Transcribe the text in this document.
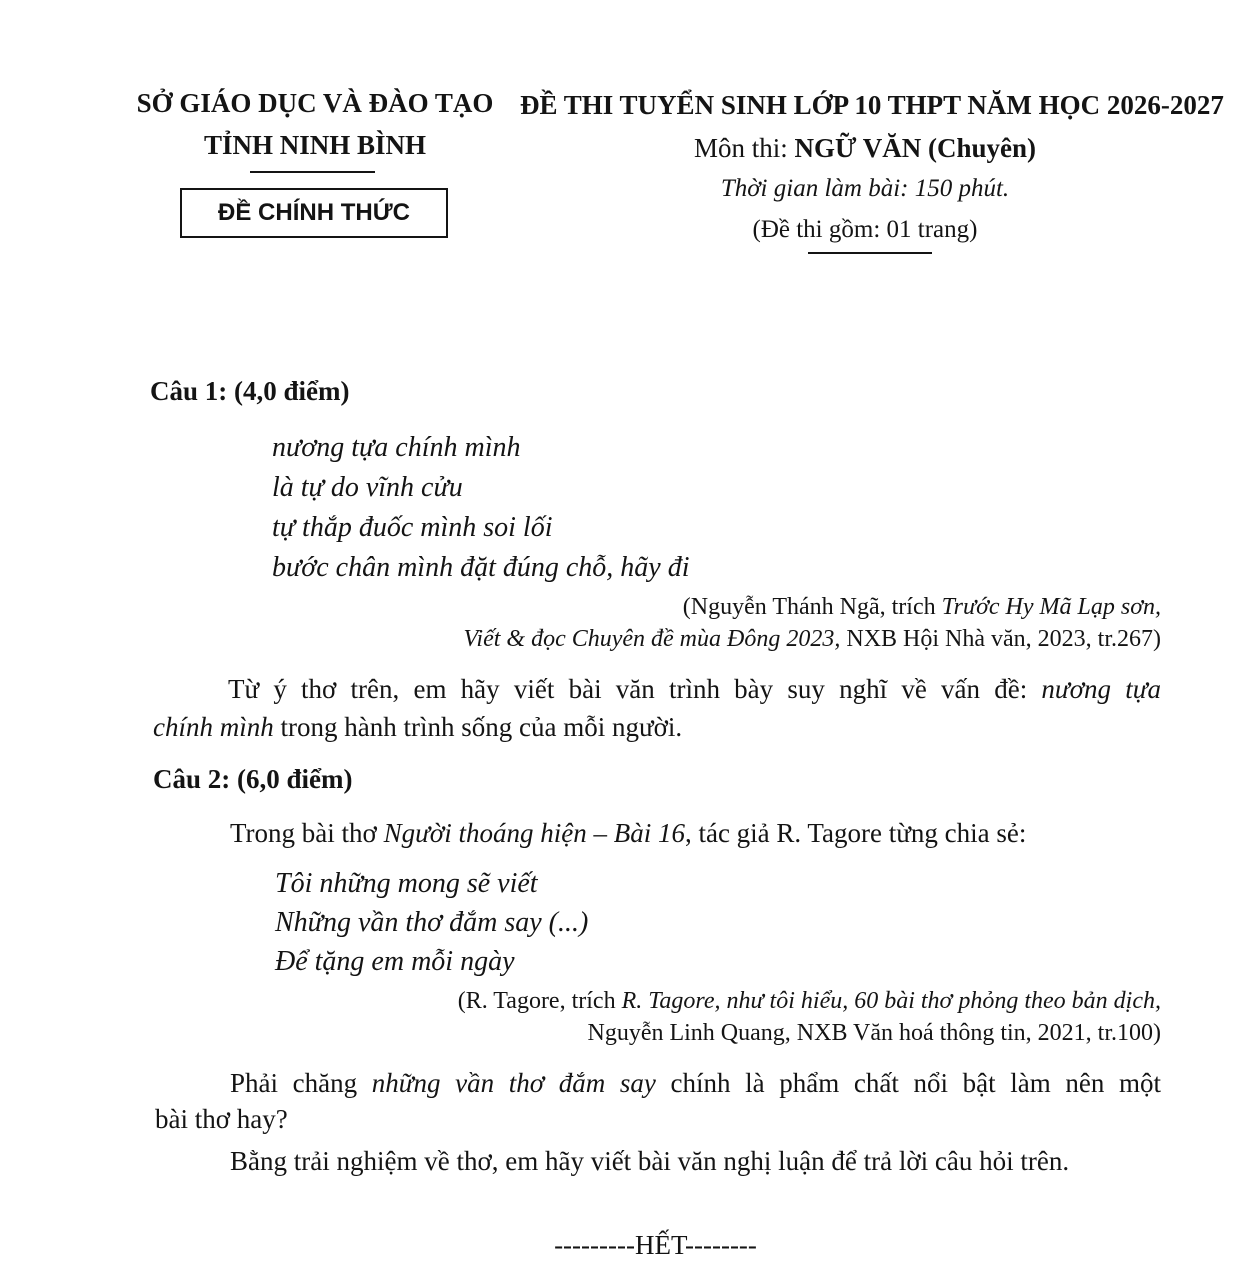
SỞ GIÁO DỤC VÀ ĐÀO TẠO
TỈNH NINH BÌNH
ĐỀ CHÍNH THỨC
ĐỀ THI TUYỂN SINH LỚP 10 THPT NĂM HỌC 2026-2027
Môn thi: NGỮ VĂN (Chuyên)
Thời gian làm bài: 150 phút.
(Đề thi gồm: 01 trang)
Câu 1: (4,0 điểm)
nương tựa chính mình
là tự do vĩnh cửu
tự thắp đuốc mình soi lối
bước chân mình đặt đúng chỗ, hãy đi
(Nguyễn Thánh Ngã, trích Trước Hy Mã Lạp sơn,
Viết & đọc Chuyên đề mùa Đông 2023, NXB Hội Nhà văn, 2023, tr.267)
Từ ý thơ trên, em hãy viết bài văn trình bày suy nghĩ về vấn đề: nương tựa
chính mình trong hành trình sống của mỗi người.
Câu 2: (6,0 điểm)
Trong bài thơ Người thoáng hiện – Bài 16, tác giả R. Tagore từng chia sẻ:
Tôi những mong sẽ viết
Những vần thơ đắm say (...)
Để tặng em mỗi ngày
(R. Tagore, trích R. Tagore, như tôi hiểu, 60 bài thơ phỏng theo bản dịch,
Nguyễn Linh Quang, NXB Văn hoá thông tin, 2021, tr.100)
Phải chăng những vần thơ đắm say chính là phẩm chất nổi bật làm nên một
bài thơ hay?
Bằng trải nghiệm về thơ, em hãy viết bài văn nghị luận để trả lời câu hỏi trên.
---------HẾT--------
